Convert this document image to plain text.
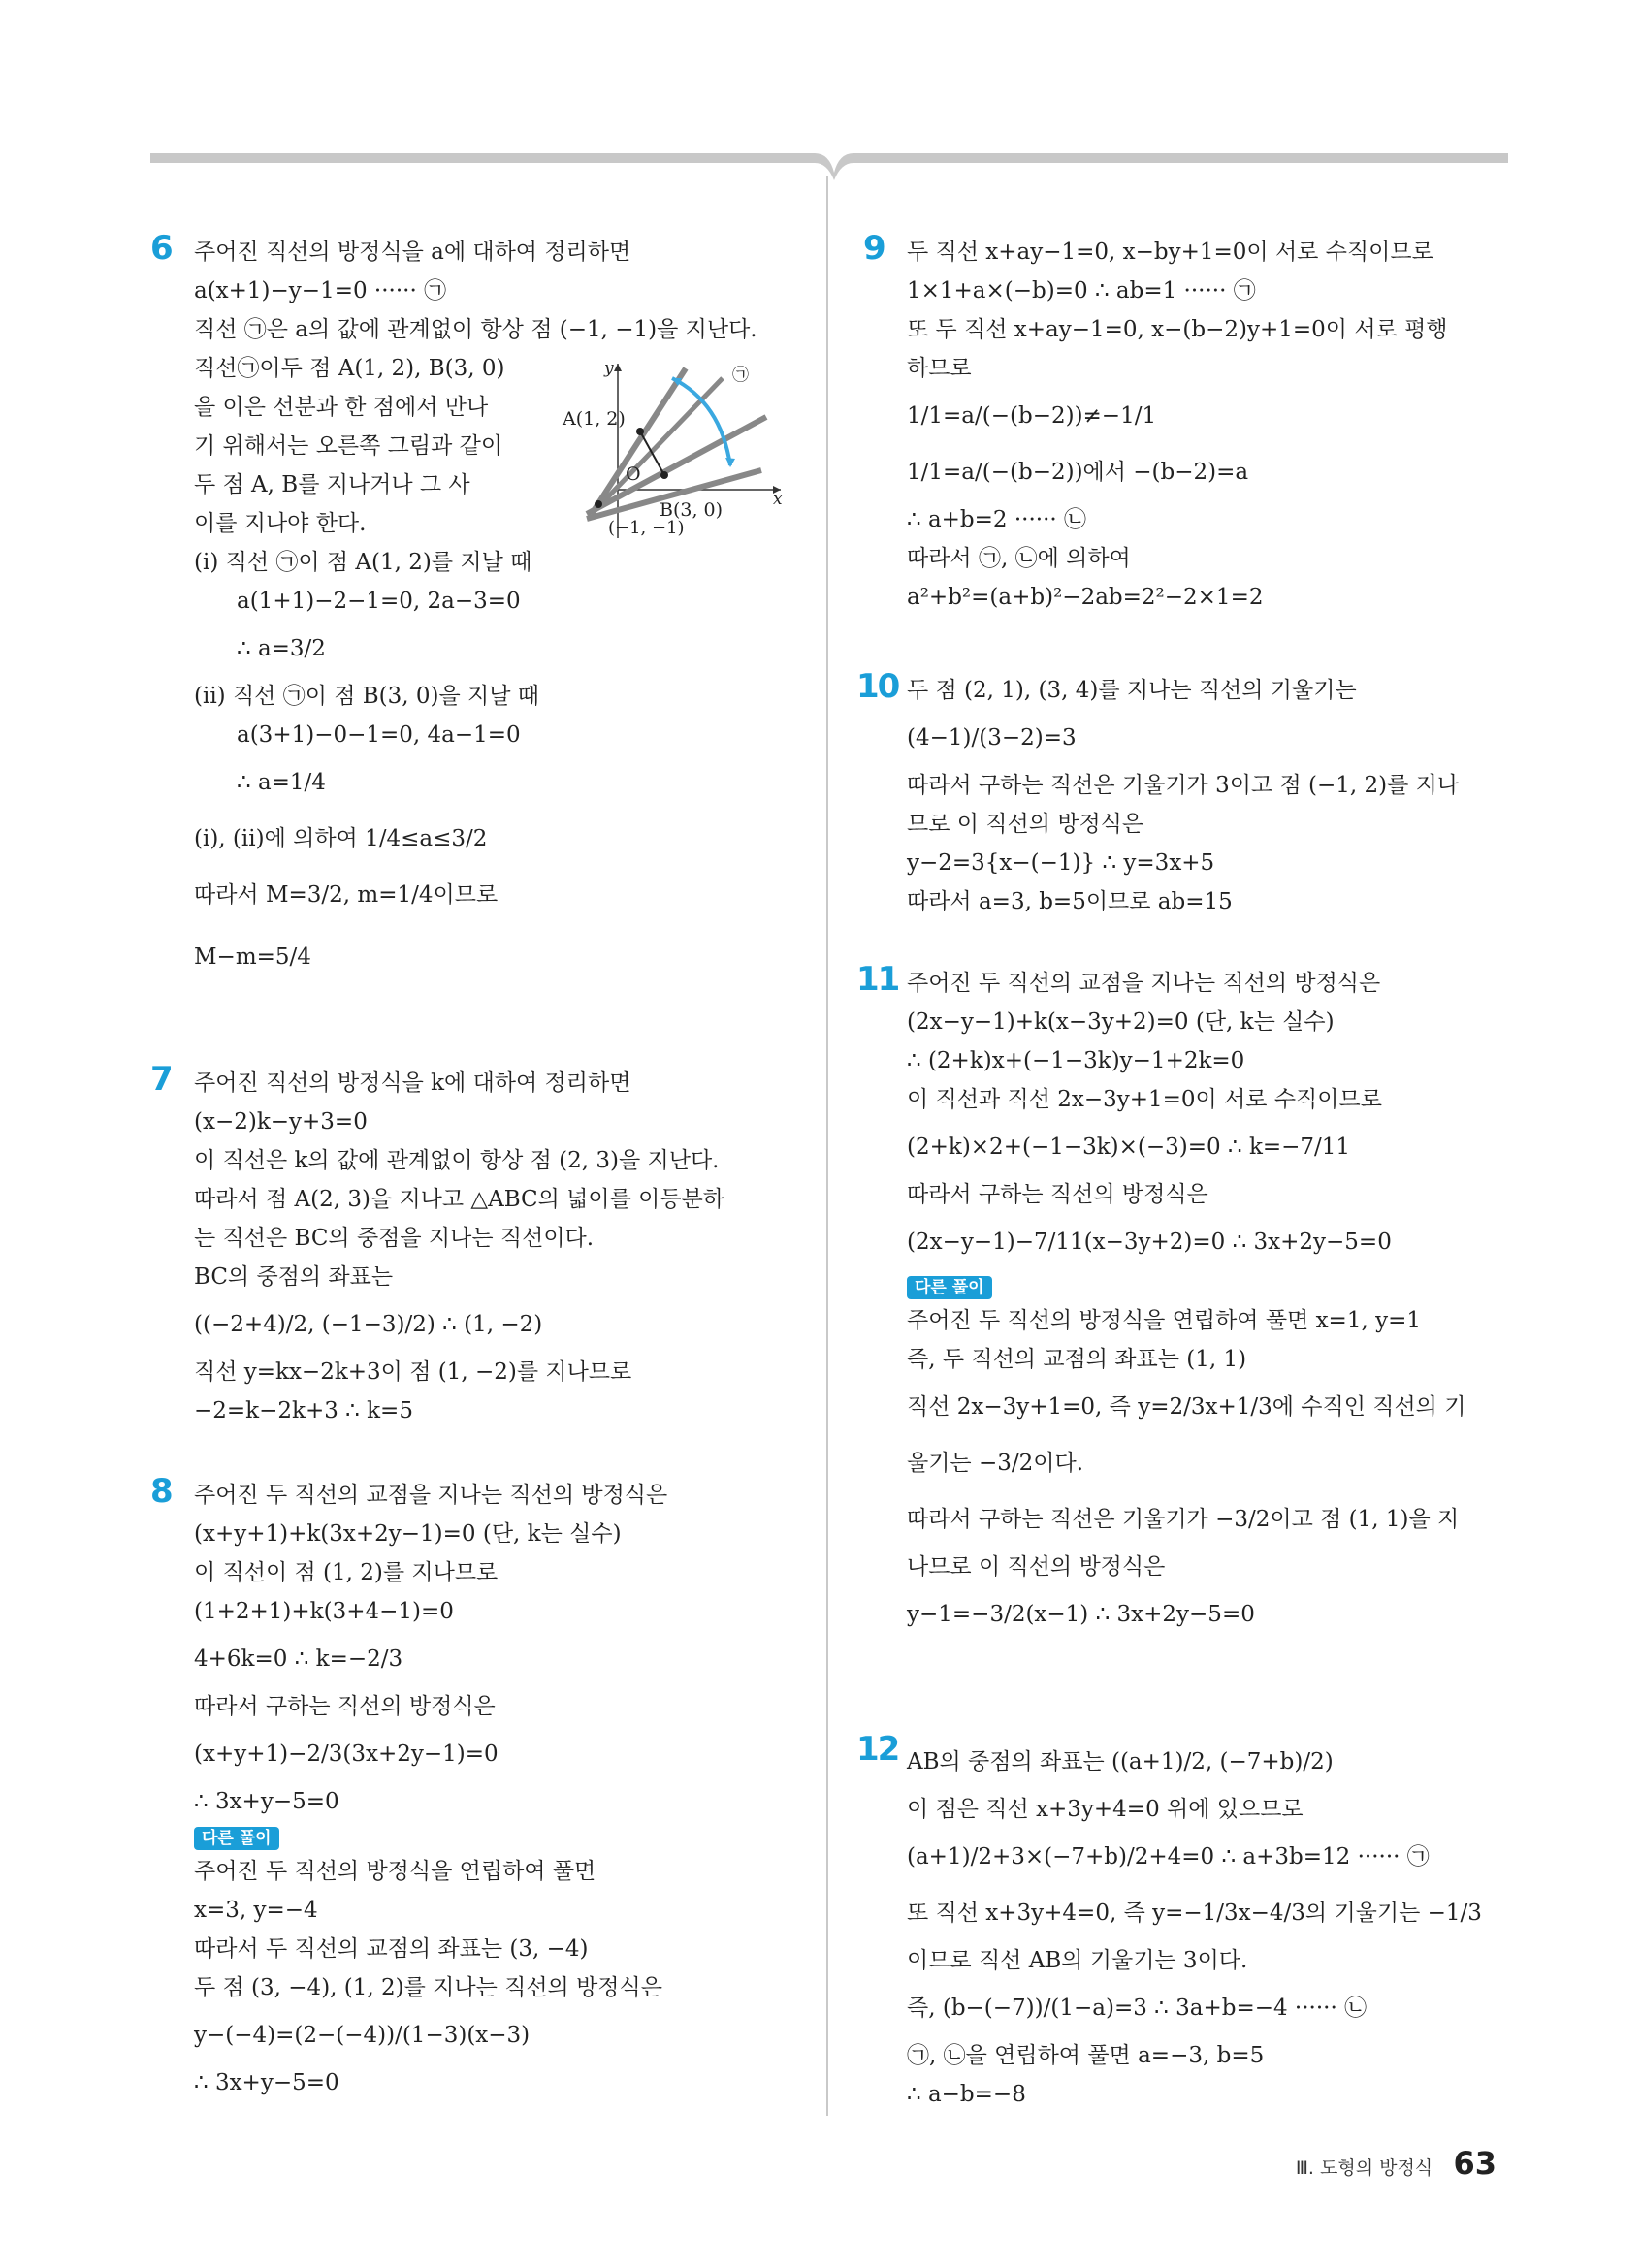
6 주어진 직선의 방정식을 a에 대하여 정리하면
a(x+1)−y−1=0 ······ ㉠
직선 ㉠은 a의 값에 관계없이 항상 점 (−1, −1)을 지난다.
직선㉠이두 점 A(1, 2), B(3, 0)
을 이은 선분과 한 점에서 만나
기 위해서는 오른쪽 그림과 같이
두 점 A, B를 지나거나 그 사
이를 지나야 한다.
(ⅰ) 직선 ㉠이 점 A(1, 2)를 지날 때
a(1+1)−2−1=0, 2a−3=0
∴ a=3/2
(ⅱ) 직선 ㉠이 점 B(3, 0)을 지날 때
a(3+1)−0−1=0, 4a−1=0
∴ a=1/4
(ⅰ), (ⅱ)에 의하여 1/4≤a≤3/2
따라서 M=3/2, m=1/4이므로
M−m=5/4
A(1, 2)
B(3, 0)
O
(−1, −1)
x
y	㉠
7 주어진 직선의 방정식을 k에 대하여 정리하면
(x−2)k−y+3=0
이 직선은 k의 값에 관계없이 항상 점 (2, 3)을 지난다.
따라서 점 A(2, 3)을 지나고 △ABC의 넓이를 이등분하
는 직선은 BC의 중점을 지나는 직선이다.
BC의 중점의 좌표는
((−2+4)/2, (−1−3)/2) ∴ (1, −2)
직선 y=kx−2k+3이 점 (1, −2)를 지나므로
−2=k−2k+3 ∴ k=5
8 주어진 두 직선의 교점을 지나는 직선의 방정식은
(x+y+1)+k(3x+2y−1)=0 (단, k는 실수)
이 직선이 점 (1, 2)를 지나므로
(1+2+1)+k(3+4−1)=0
4+6k=0 ∴ k=−2/3
따라서 구하는 직선의 방정식은
(x+y+1)−2/3(3x+2y−1)=0
∴ 3x+y−5=0
다른 풀이
주어진 두 직선의 방정식을 연립하여 풀면
x=3, y=−4
따라서 두 직선의 교점의 좌표는 (3, −4)
두 점 (3, −4), (1, 2)를 지나는 직선의 방정식은
y−(−4)=(2−(−4))/(1−3)(x−3)
∴ 3x+y−5=0
9 두 직선 x+ay−1=0, x−by+1=0이 서로 수직이므로
1×1+a×(−b)=0 ∴ ab=1 ······ ㉠
또 두 직선 x+ay−1=0, x−(b−2)y+1=0이 서로 평행
하므로
1/1=a/(−(b−2))≠−1/1
1/1=a/(−(b−2))에서 −(b−2)=a
∴ a+b=2 ······ ㉡
따라서 ㉠, ㉡에 의하여
a²+b²=(a+b)²−2ab=2²−2×1=2
10 두 점 (2, 1), (3, 4)를 지나는 직선의 기울기는
(4−1)/(3−2)=3
따라서 구하는 직선은 기울기가 3이고 점 (−1, 2)를 지나
므로 이 직선의 방정식은
y−2=3{x−(−1)} ∴ y=3x+5
따라서 a=3, b=5이므로 ab=15
11 주어진 두 직선의 교점을 지나는 직선의 방정식은
(2x−y−1)+k(x−3y+2)=0 (단, k는 실수)
∴ (2+k)x+(−1−3k)y−1+2k=0
이 직선과 직선 2x−3y+1=0이 서로 수직이므로
(2+k)×2+(−1−3k)×(−3)=0 ∴ k=−7/11
따라서 구하는 직선의 방정식은
(2x−y−1)−7/11(x−3y+2)=0 ∴ 3x+2y−5=0
다른 풀이
주어진 두 직선의 방정식을 연립하여 풀면 x=1, y=1
즉, 두 직선의 교점의 좌표는 (1, 1)
직선 2x−3y+1=0, 즉 y=2/3x+1/3에 수직인 직선의 기
울기는 −3/2이다.
따라서 구하는 직선은 기울기가 −3/2이고 점 (1, 1)을 지
나므로 이 직선의 방정식은
y−1=−3/2(x−1) ∴ 3x+2y−5=0
12 AB의 중점의 좌표는 ((a+1)/2, (−7+b)/2)
이 점은 직선 x+3y+4=0 위에 있으므로
(a+1)/2+3×(−7+b)/2+4=0 ∴ a+3b=12 ······ ㉠
또 직선 x+3y+4=0, 즉 y=−1/3x−4/3의 기울기는 −1/3
이므로 직선 AB의 기울기는 3이다.
즉, (b−(−7))/(1−a)=3 ∴ 3a+b=−4 ······ ㉡
㉠, ㉡을 연립하여 풀면 a=−3, b=5
∴ a−b=−8
Ⅲ. 도형의 방정식 63
